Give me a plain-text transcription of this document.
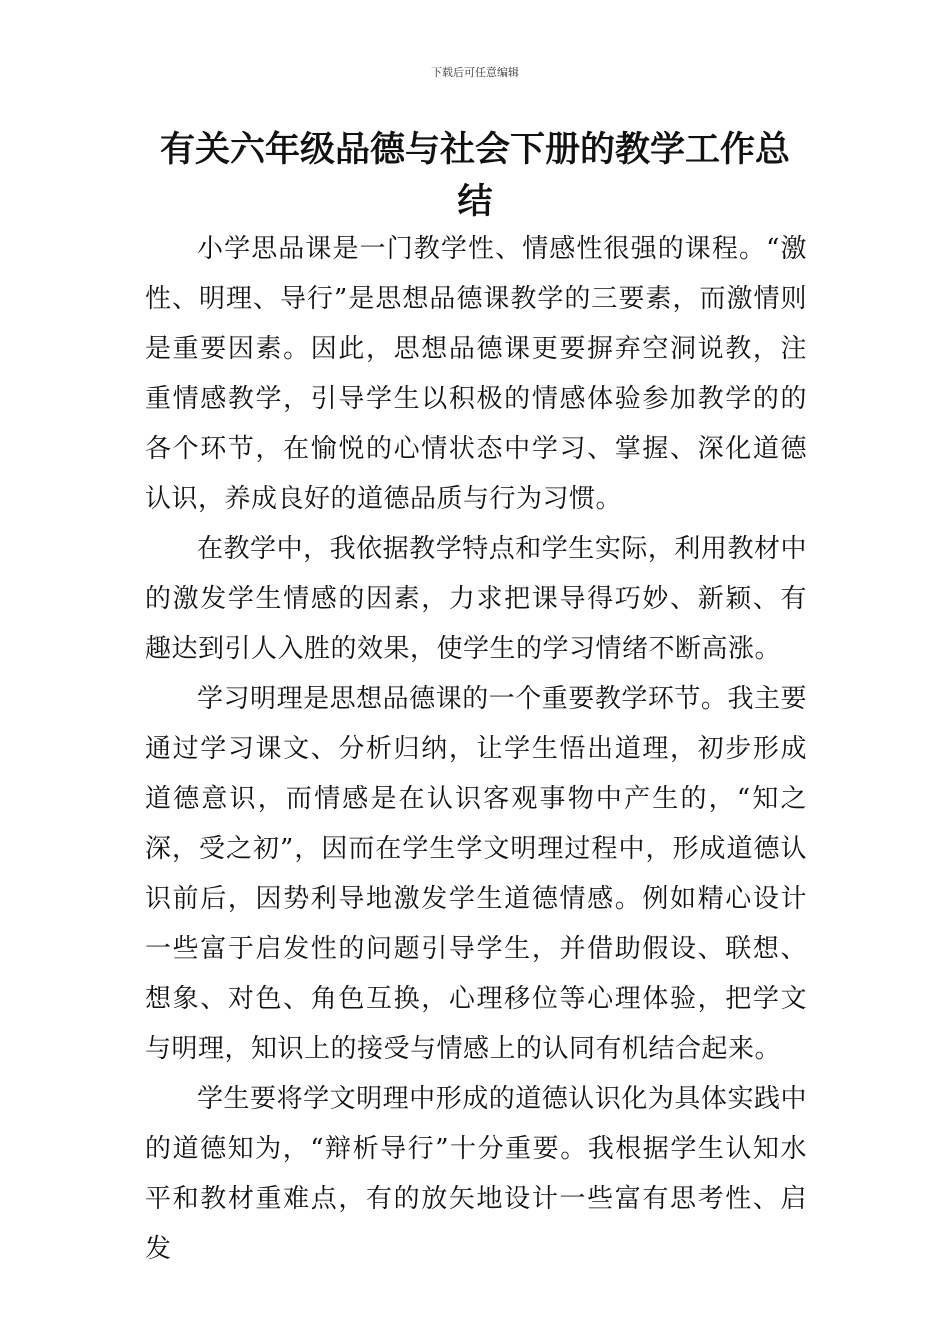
下载后可任意编辑
有关六年级品德与社会下册的教学工作总结

小学思品课是一门教学性、情感性很强的课程。“激性、明理、导行”是思想品德课教学的三要素，而激情则是重要因素。因此，思想品德课更要摒弃空洞说教，注重情感教学，引导学生以积极的情感体验参加教学的的各个环节，在愉悦的心情状态中学习、掌握、深化道德认识，养成良好的道德品质与行为习惯。

在教学中，我依据教学特点和学生实际，利用教材中的激发学生情感的因素，力求把课导得巧妙、新颖、有趣达到引人入胜的效果，使学生的学习情绪不断高涨。

学习明理是思想品德课的一个重要教学环节。我主要通过学习课文、分析归纳，让学生悟出道理，初步形成道德意识，而情感是在认识客观事物中产生的，“知之深，受之初”，因而在学生学文明理过程中，形成道德认识前后，因势利导地激发学生道德情感。例如精心设计一些富于启发性的问题引导学生，并借助假设、联想、想象、对色、角色互换，心理移位等心理体验，把学文与明理，知识上的接受与情感上的认同有机结合起来。

学生要将学文明理中形成的道德认识化为具体实践中的道德知为，“辩析导行”十分重要。我根据学生认知水平和教材重难点，有的放矢地设计一些富有思考性、启发
